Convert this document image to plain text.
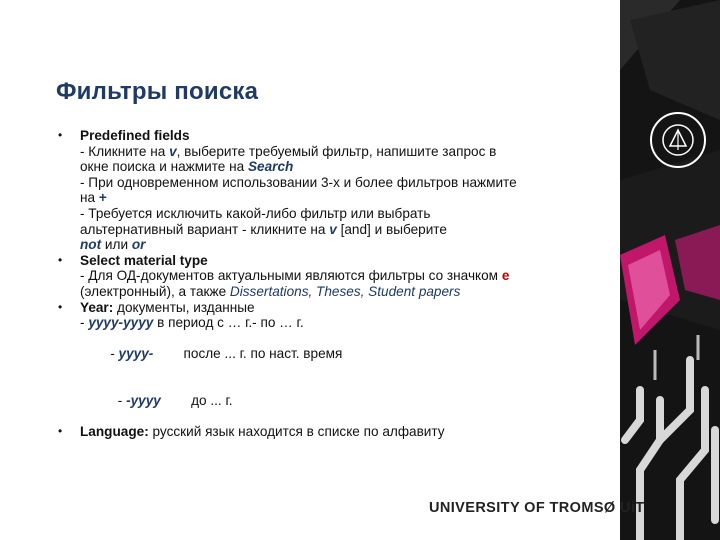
Фильтры поиска
• Predefined fields
- Кликните на v, выберите требуемый фильтр, напишите запрос в
окне поиска и нажмите на Search
- При одновременном использовании 3-х и более фильтров нажмите
на +
- Требуется исключить какой-либо фильтр или выбрать
альтернативный вариант - кликните на v [and] и выберите
not или or
• Select material type
- Для ОД-документов актуальными являются фильтры со значком e
(электронный), а также Dissertations, Theses, Student papers
• Year: документы, изданные
- yyyy-yyyy в период с … г.- по … г.

- yyyy-        после ... г. по наст. время

- -yyyy        до ... г.

• Language: русский язык находится в списке по алфавиту
UNIVERSITY OF TROMSØ UiT
